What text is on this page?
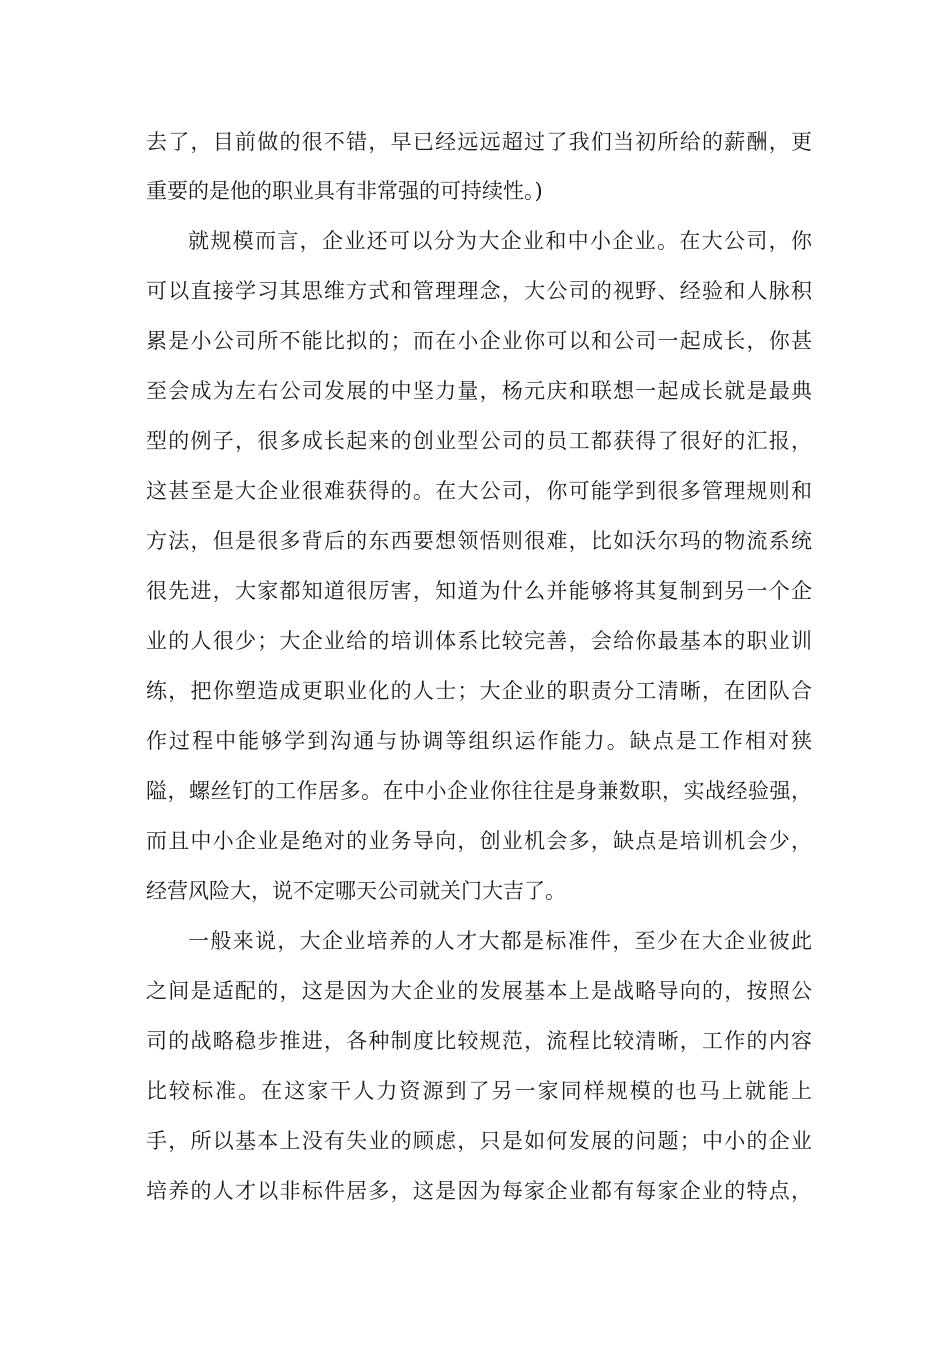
去了，目前做的很不错，早已经远远超过了我们当初所给的薪酬，更
重要的是他的职业具有非常强的可持续性。)
就规模而言，企业还可以分为大企业和中小企业。在大公司，你
可以直接学习其思维方式和管理理念，大公司的视野、经验和人脉积
累是小公司所不能比拟的；而在小企业你可以和公司一起成长，你甚
至会成为左右公司发展的中坚力量，杨元庆和联想一起成长就是最典
型的例子，很多成长起来的创业型公司的员工都获得了很好的汇报，
这甚至是大企业很难获得的。在大公司，你可能学到很多管理规则和
方法，但是很多背后的东西要想领悟则很难，比如沃尔玛的物流系统
很先进，大家都知道很厉害，知道为什么并能够将其复制到另一个企
业的人很少；大企业给的培训体系比较完善，会给你最基本的职业训
练，把你塑造成更职业化的人士；大企业的职责分工清晰，在团队合
作过程中能够学到沟通与协调等组织运作能力。缺点是工作相对狭
隘，螺丝钉的工作居多。在中小企业你往往是身兼数职，实战经验强，
而且中小企业是绝对的业务导向，创业机会多，缺点是培训机会少，
经营风险大，说不定哪天公司就关门大吉了。
一般来说，大企业培养的人才大都是标准件，至少在大企业彼此
之间是适配的，这是因为大企业的发展基本上是战略导向的，按照公
司的战略稳步推进，各种制度比较规范，流程比较清晰，工作的内容
比较标准。在这家干人力资源到了另一家同样规模的也马上就能上
手，所以基本上没有失业的顾虑，只是如何发展的问题；中小的企业
培养的人才以非标件居多，这是因为每家企业都有每家企业的特点，
